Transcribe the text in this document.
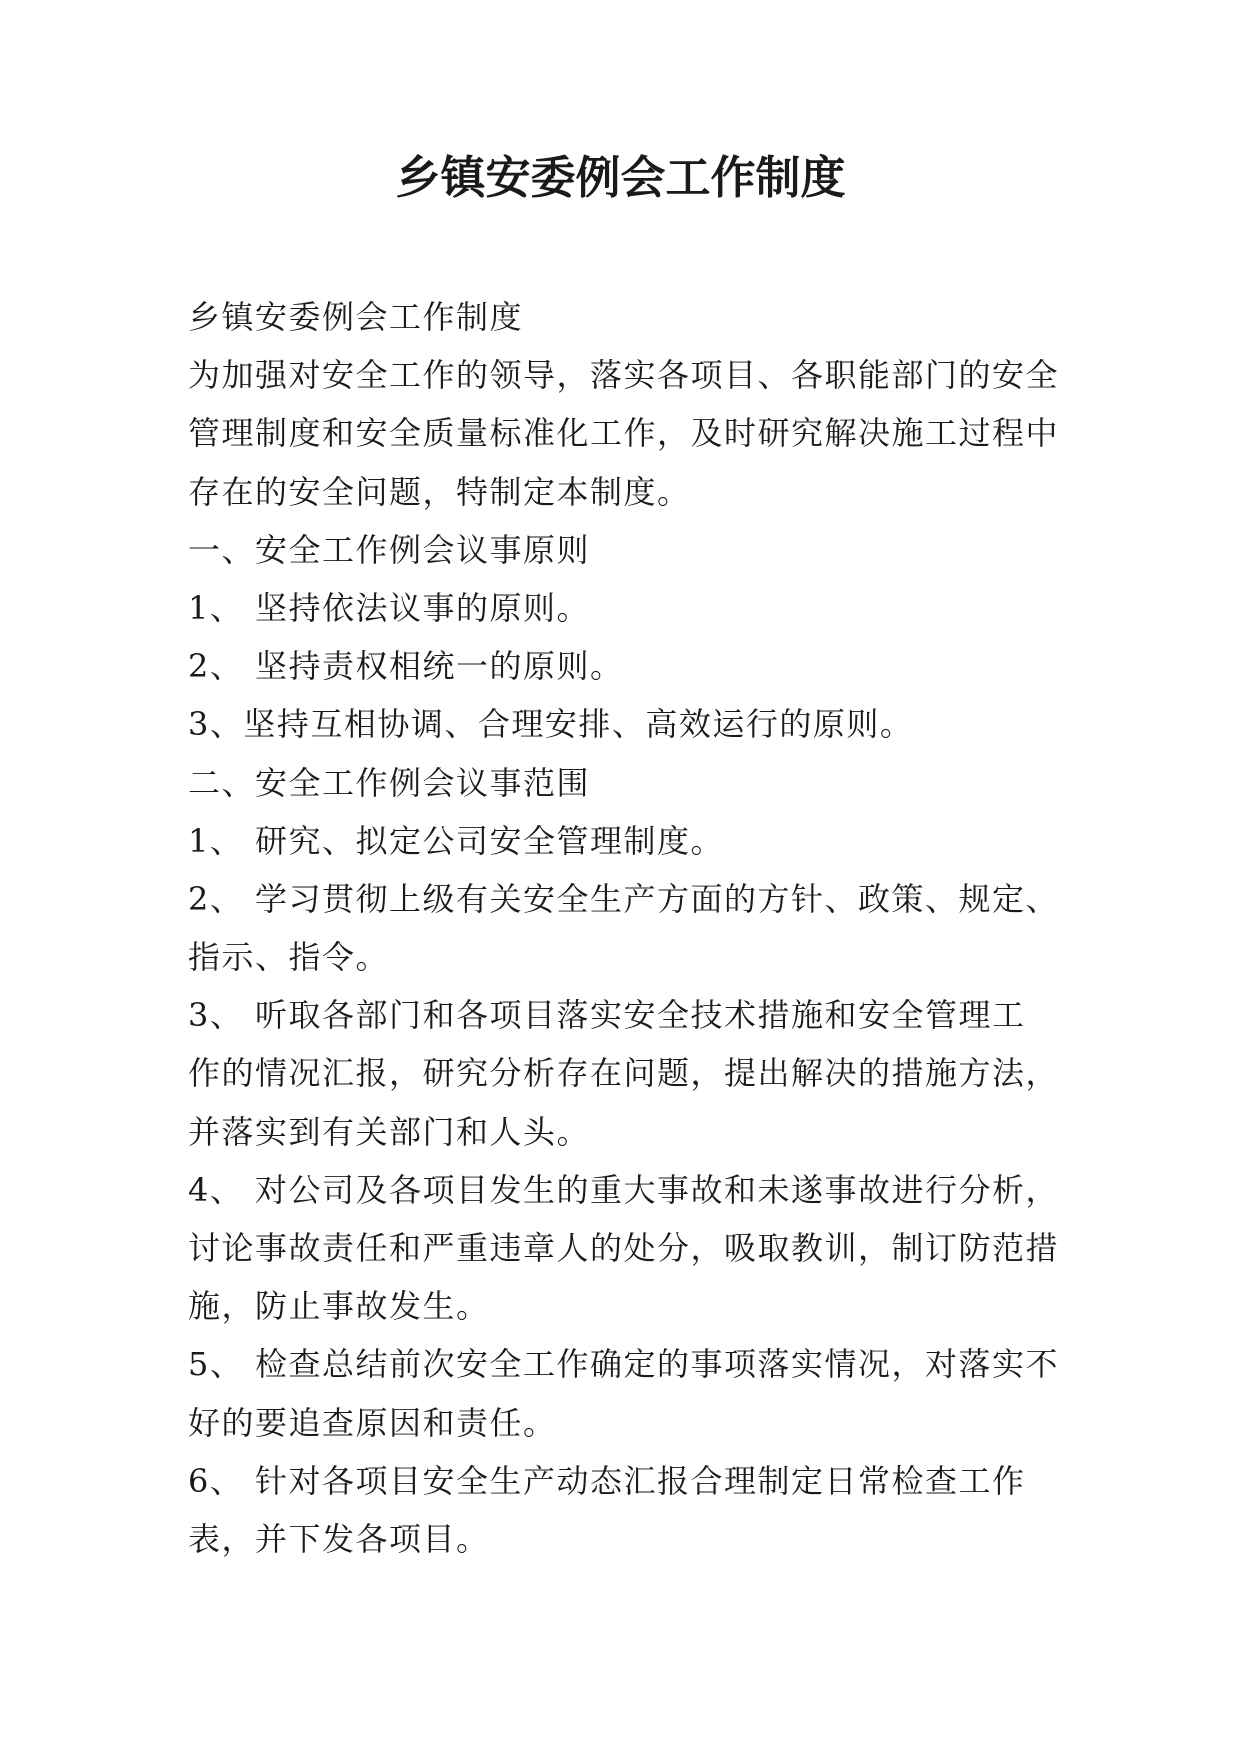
乡镇安委例会工作制度

乡镇安委例会工作制度

为加强对安全工作的领导，落实各项目、各职能部门的安全
管理制度和安全质量标准化工作，及时研究解决施工过程中
存在的安全问题，特制定本制度。

一、安全工作例会议事原则

1、 坚持依法议事的原则。

2、 坚持责权相统一的原则。

3、坚持互相协调、合理安排、高效运行的原则。

二、安全工作例会议事范围

1、 研究、拟定公司安全管理制度。

2、 学习贯彻上级有关安全生产方面的方针、政策、规定、
指示、指令。

3、 听取各部门和各项目落实安全技术措施和安全管理工
作的情况汇报，研究分析存在问题，提出解决的措施方法，
并落实到有关部门和人头。

4、 对公司及各项目发生的重大事故和未遂事故进行分析，
讨论事故责任和严重违章人的处分，吸取教训，制订防范措
施，防止事故发生。

5、 检查总结前次安全工作确定的事项落实情况，对落实不
好的要追查原因和责任。

6、 针对各项目安全生产动态汇报合理制定日常检查工作
表，并下发各项目。
